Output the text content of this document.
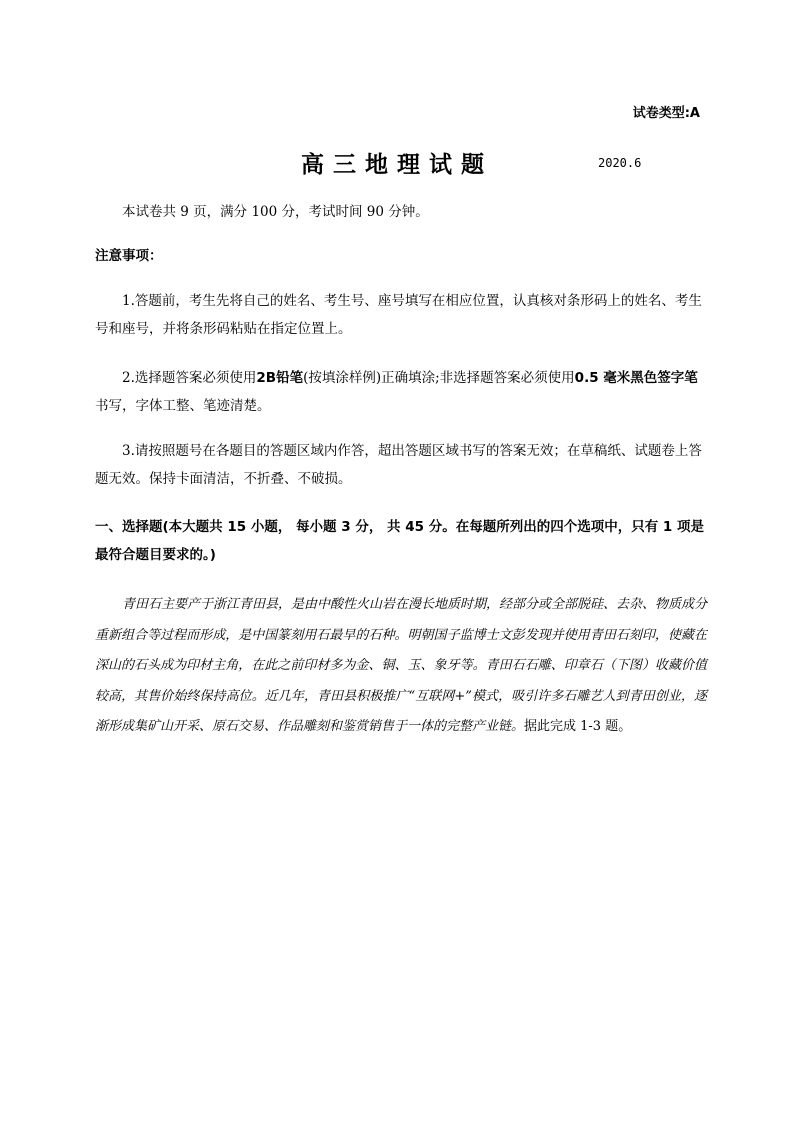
试卷类型:A
高三地理试题	2020.6
本试卷共 9 页，满分 100 分，考试时间 90 分钟。
注意事项：
1.答题前，考生先将自己的姓名、考生号、座号填写在相应位置，认真核对条形码上的姓名、考生号和座号，并将条形码粘贴在指定位置上。
2.选择题答案必须使用2B铅笔(按填涂样例)正确填涂;非选择题答案必须使用0.5 毫米黑色签字笔书写，字体工整、笔迹清楚。
3.请按照题号在各题目的答题区域内作答，超出答题区域书写的答案无效；在草稿纸、试题卷上答题无效。保持卡面清洁，不折叠、不破损。
一、选择题(本大题共 15 小题， 每小题 3 分， 共 45 分。在每题所列出的四个选项中，只有 1 项是最符合题目要求的。)
青田石主要产于浙江青田县，是由中酸性火山岩在漫长地质时期，经部分或全部脱硅、去杂、物质成分重新组合等过程而形成，是中国篆刻用石最早的石种。明朝国子监博士文彭发现并使用青田石刻印，使藏在深山的石头成为印材主角，在此之前印材多为金、铜、玉、象牙等。青田石石雕、印章石（下图）收藏价值较高，其售价始终保持高位。近几年，青田县积极推广“互联网+”模式，吸引许多石雕艺人到青田创业，逐渐形成集矿山开采、原石交易、作品雕刻和鉴赏销售于一体的完整产业链。据此完成 1-3 题。
